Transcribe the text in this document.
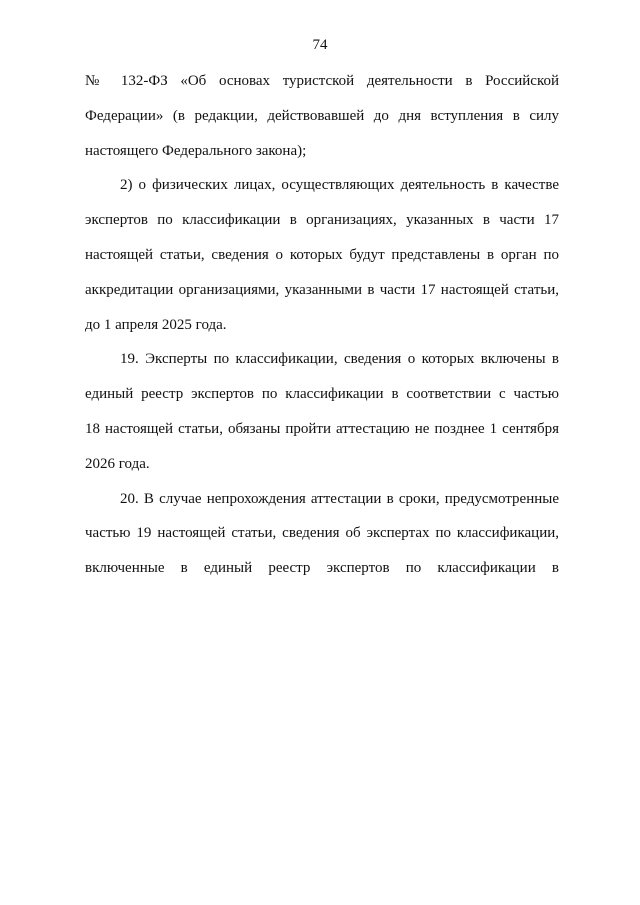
74
№ 132-ФЗ «Об основах туристской деятельности в Российской
Федерации» (в редакции, действовавшей до дня вступления в силу
настоящего Федерального закона);
2) о физических лицах, осуществляющих деятельность в качестве
экспертов по классификации в организациях, указанных в части 17
настоящей статьи, сведения о которых будут представлены в орган по
аккредитации организациями, указанными в части 17 настоящей статьи,
до 1 апреля 2025 года.
19. Эксперты по классификации, сведения о которых включены в
единый реестр экспертов по классификации в соответствии с частью
18 настоящей статьи, обязаны пройти аттестацию не позднее 1 сентября
2026 года.
20. В случае непрохождения аттестации в сроки, предусмотренные
частью 19 настоящей статьи, сведения об экспертах по классификации,
включенные в единый реестр экспертов по классификации в
